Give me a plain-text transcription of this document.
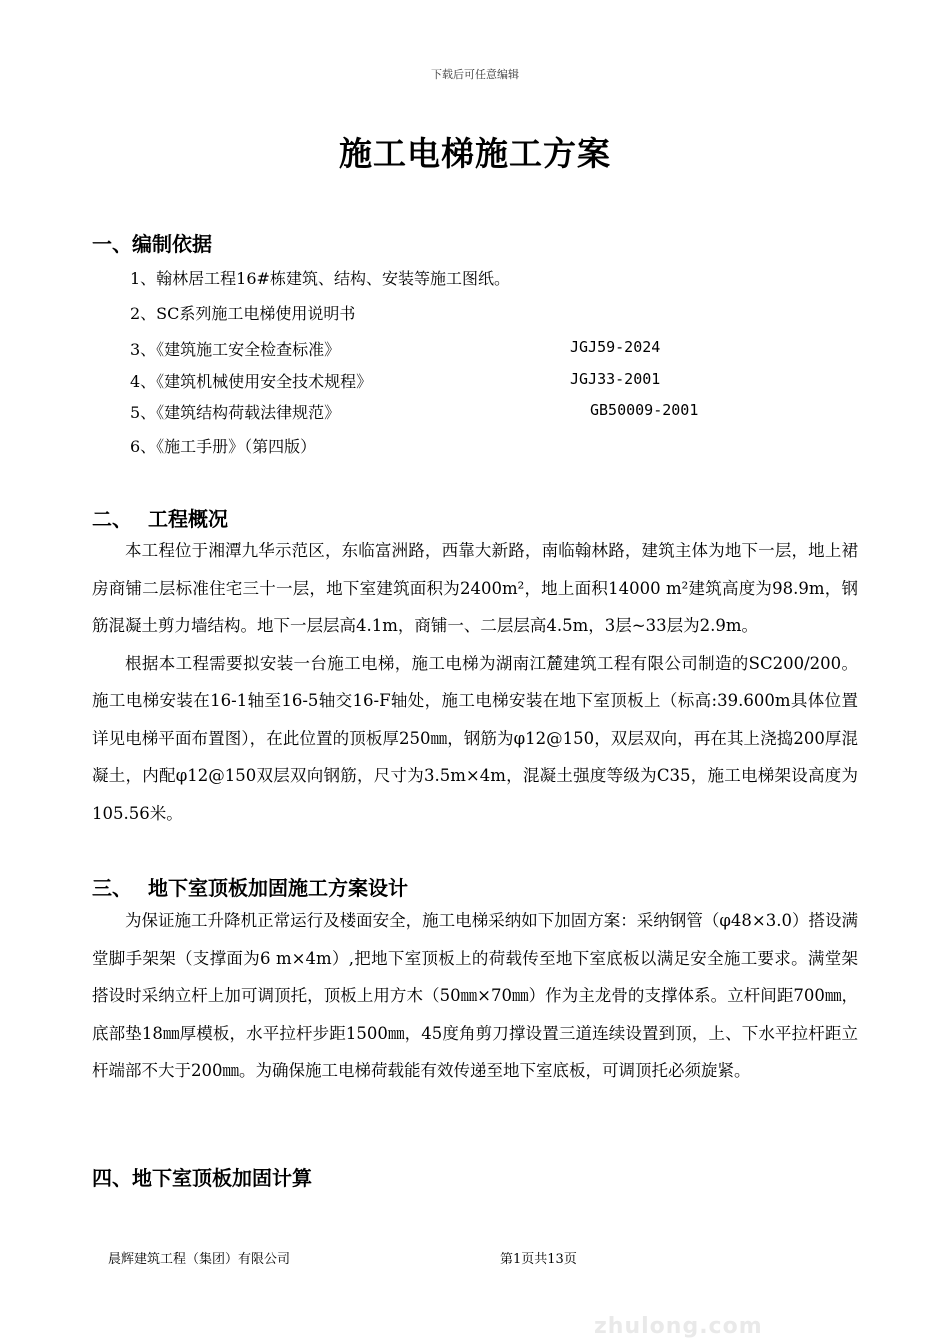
下载后可任意编辑
施工电梯施工方案
一、编制依据
1、翰林居工程16#栋建筑、结构、安装等施工图纸。
2、SC系列施工电梯使用说明书
3、《建筑施工安全检查标准》	JGJ59-2024
4、《建筑机械使用安全技术规程》	JGJ33-2001
5、《建筑结构荷载法律规范》	GB50009-2001
6、《施工手册》（第四版）
二、 工程概况

本工程位于湘潭九华示范区，东临富洲路，西靠大新路，南临翰林路，建筑主体为地下一层，地上裙房商铺二层标准住宅三十一层，地下室建筑面积为2400m²，地上面积14000 m²建筑高度为98.9m，钢筋混凝土剪力墙结构。地下一层层高4.1m，商铺一、二层层高4.5m，3层~33层为2.9m。

根据本工程需要拟安装一台施工电梯，施工电梯为湖南江麓建筑工程有限公司制造的SC200/200。施工电梯安装在16-1轴至16-5轴交16-F轴处，施工电梯安装在地下室顶板上（标高:39.600m具体位置详见电梯平面布置图），在此位置的顶板厚250㎜，钢筋为φ12@150，双层双向，再在其上浇捣200厚混凝土，内配φ12@150双层双向钢筋，尺寸为3.5m×4m，混凝土强度等级为C35，施工电梯架设高度为105.56米。

三、 地下室顶板加固施工方案设计

为保证施工升降机正常运行及楼面安全，施工电梯采纳如下加固方案：采纳钢管（φ48×3.0）搭设满堂脚手架架（支撑面为6 m×4m）,把地下室顶板上的荷载传至地下室底板以满足安全施工要求。满堂架搭设时采纳立杆上加可调顶托，顶板上用方木（50㎜×70㎜）作为主龙骨的支撑体系。立杆间距700㎜，底部垫18㎜厚模板，水平拉杆步距1500㎜，45度角剪刀撑设置三道连续设置到顶，上、下水平拉杆距立杆端部不大于200㎜。为确保施工电梯荷载能有效传递至地下室底板，可调顶托必须旋紧。

四、地下室顶板加固计算
晨辉建筑工程（集团）有限公司	第1页共13页
zhulong.com
